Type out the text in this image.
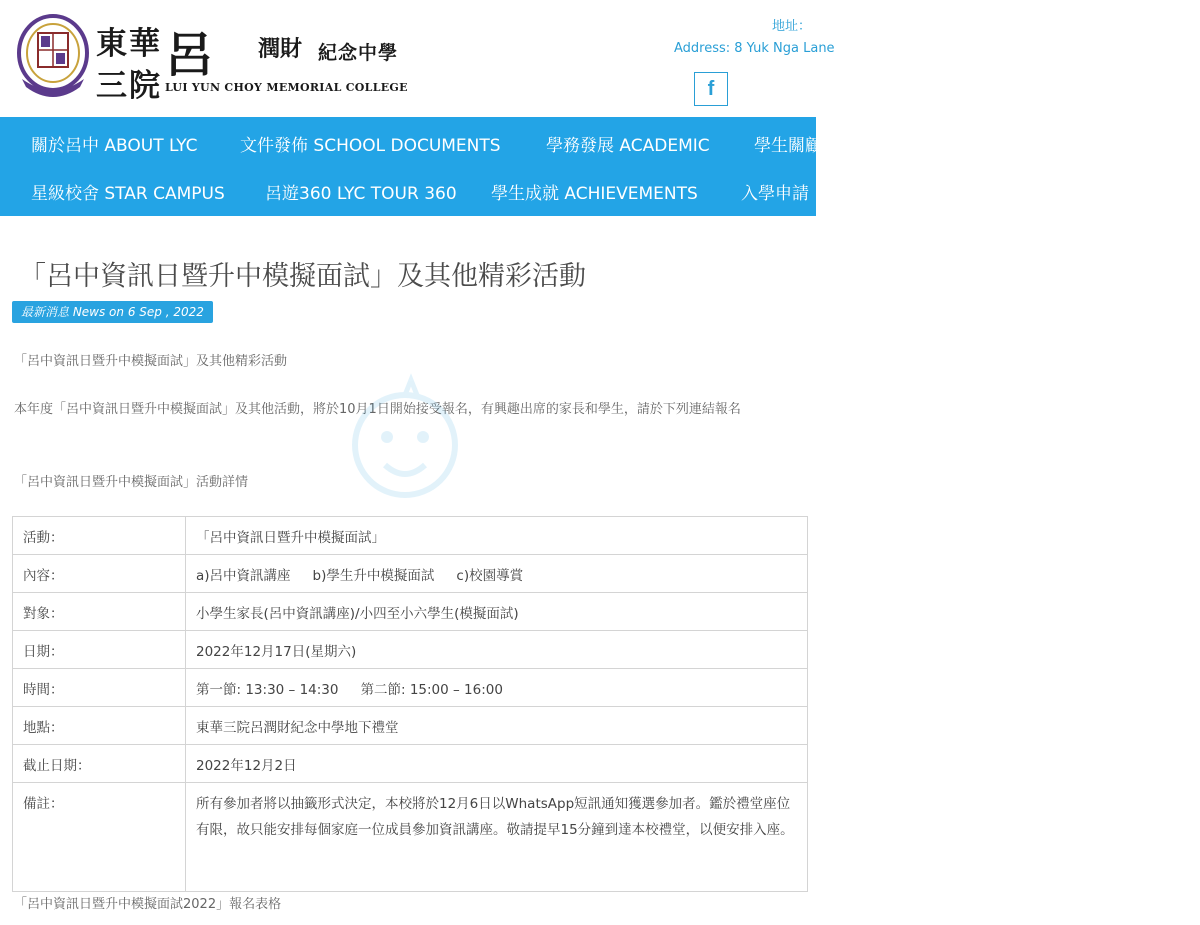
東華
三院
呂 潤財 紀念中學
LUI YUN CHOY MEMORIAL COLLEGE
地址：
Address: 8 Yuk Nga Lane
f
關於呂中 ABOUT LYC 文件發佈 SCHOOL DOCUMENTS	學務發展 ACADEMIC	學生關顧
星級校舍 STAR CAMPUS 呂遊360 LYC TOUR 360 學生成就 ACHIEVEMENTS	入學申請
「呂中資訊日暨升中模擬面試」及其他精彩活動
最新消息 News on 6 Sep , 2022
「呂中資訊日暨升中模擬面試」及其他精彩活動
本年度「呂中資訊日暨升中模擬面試」及其他活動，將於10月1日開始接受報名，有興趣出席的家長和學生，請於下列連結報名
「呂中資訊日暨升中模擬面試」活動詳情
活動：	「呂中資訊日暨升中模擬面試」
內容：	a)呂中資訊講座 b)學生升中模擬面試 c)校園導賞
對象：	小學生家長(呂中資訊講座)/小四至小六學生(模擬面試)
日期：	2022年12月17日(星期六)
時間：	第一節: 13:30 – 14:30 第二節: 15:00 – 16:00
地點：	東華三院呂潤財紀念中學地下禮堂
截止日期：	2022年12月2日
備註：	所有參加者將以抽籤形式決定，本校將於12月6日以WhatsApp短訊通知獲選參加者。鑑於禮堂座位有限，故只能安排每個家庭一位成員參加資訊講座。敬請提早15分鐘到達本校禮堂，以便安排入座。
「呂中資訊日暨升中模擬面試2022」報名表格
